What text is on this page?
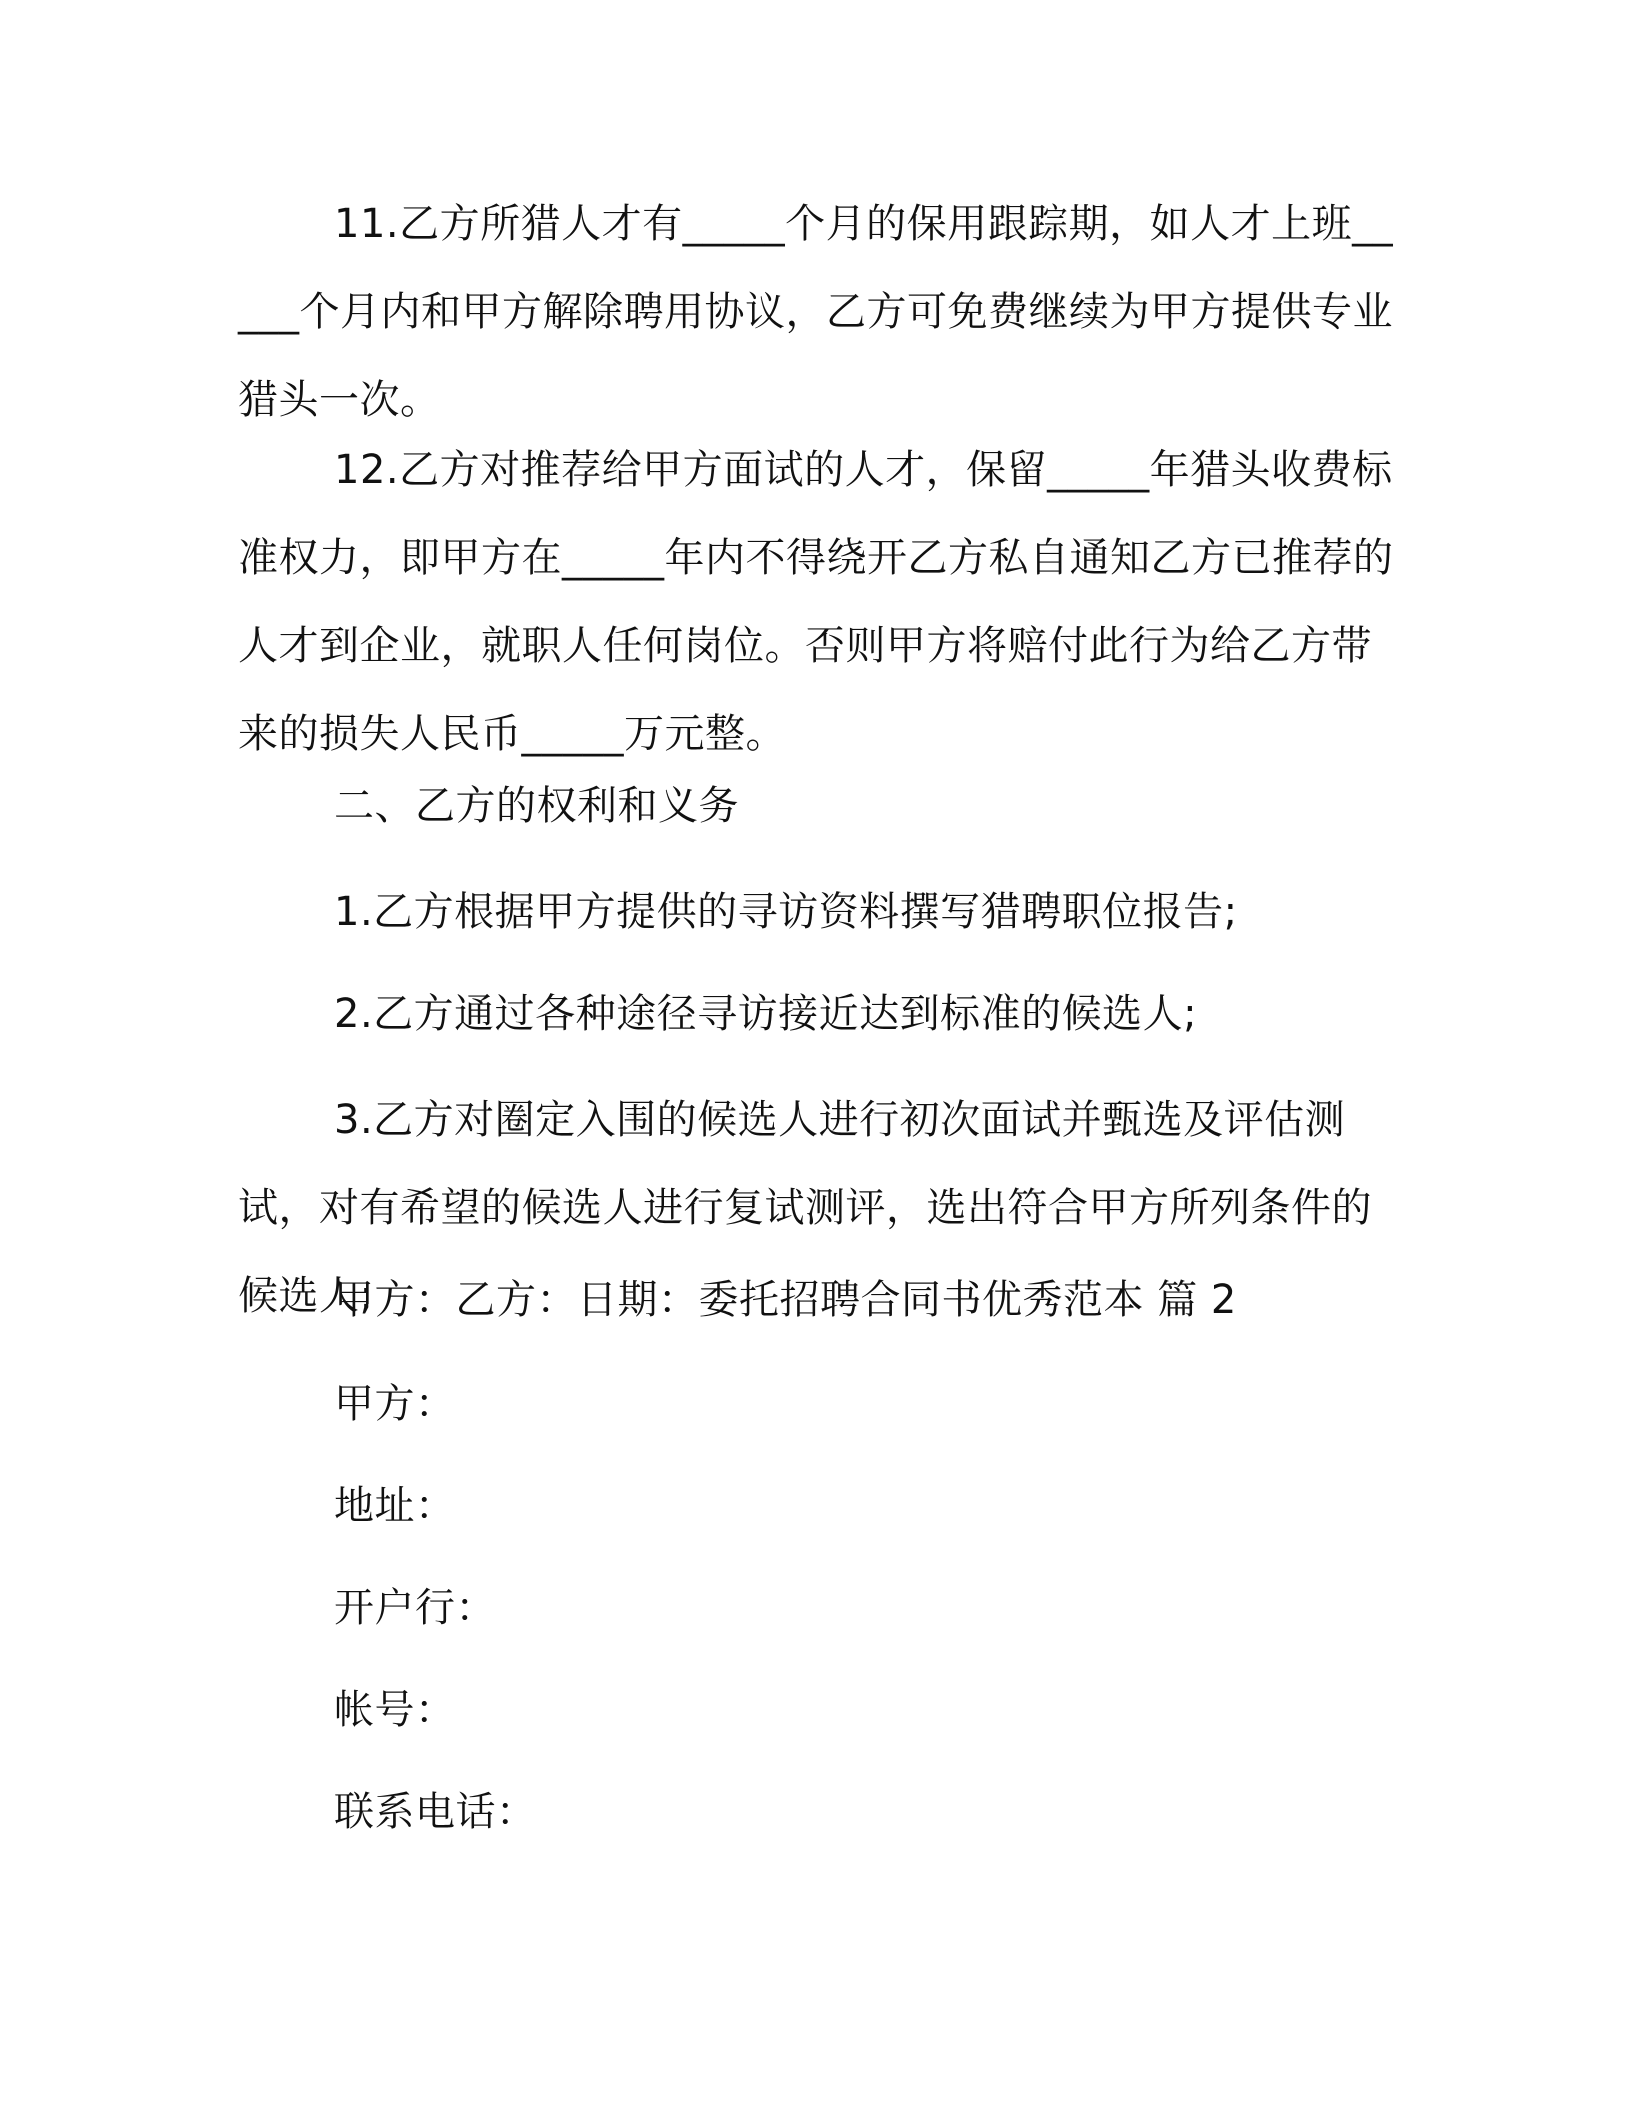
11.乙方所猎人才有_____个月的保用跟踪期，如人才上班_____个月内和甲方解除聘用协议，乙方可免费继续为甲方提供专业猎头一次。

12.乙方对推荐给甲方面试的人才，保留_____年猎头收费标准权力，即甲方在_____年内不得绕开乙方私自通知乙方已推荐的人才到企业，就职人任何岗位。否则甲方将赔付此行为给乙方带来的损失人民币_____万元整。

二、乙方的权利和义务

1.乙方根据甲方提供的寻访资料撰写猎聘职位报告;

2.乙方通过各种途径寻访接近达到标准的候选人;

3.乙方对圈定入围的候选人进行初次面试并甄选及评估测试，对有希望的候选人进行复试测评，选出符合甲方所列条件的候选人;

甲方：乙方：日期：委托招聘合同书优秀范本 篇 2

甲方：

地址：

开户行：

帐号：

联系电话：
